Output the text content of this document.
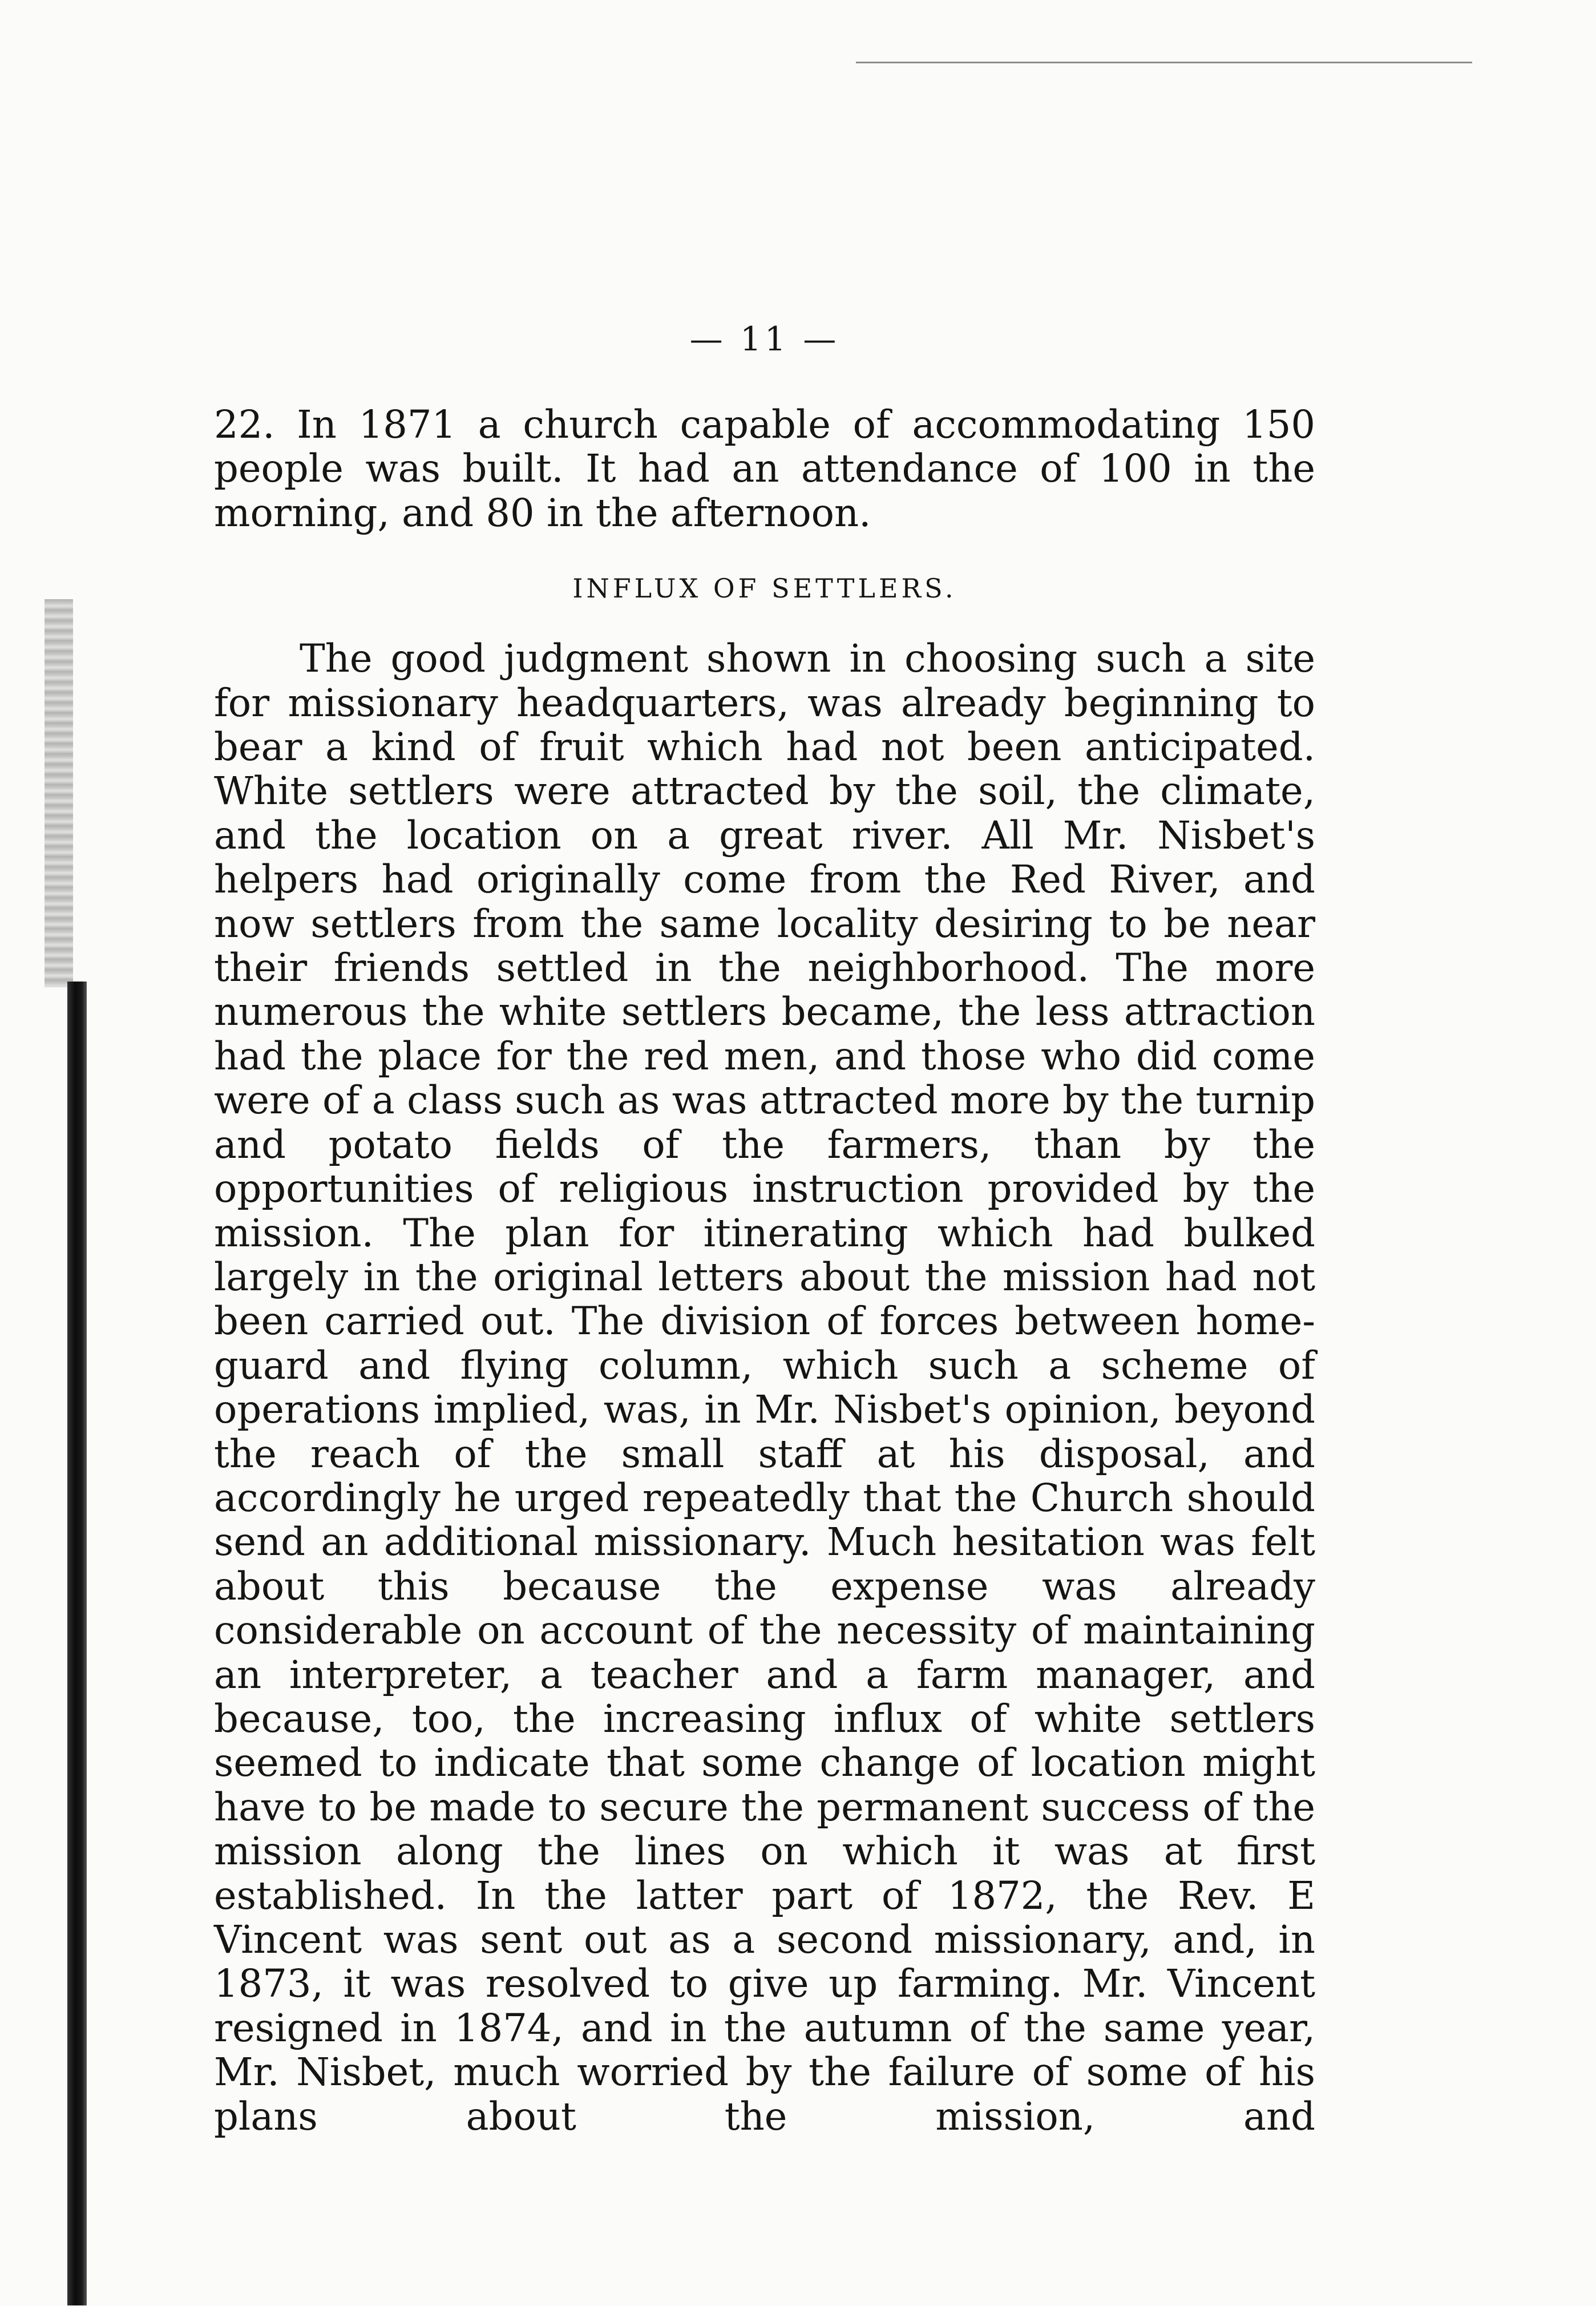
— 11 —

22. In 1871 a church capable of accommodating 150 people was built. It had an attendance of 100 in the
morning, and 80 in the afternoon.

INFLUX OF SETTLERS.

The good judgment shown in choosing such a site for missionary headquarters, was already beginning to bear a kind of fruit which had not been anticipated. White settlers were attracted by the soil, the climate, and the location on a great river. All Mr. Nisbet's helpers had originally come from the Red River, and now settlers from the same locality desiring to be near their friends settled in the neighborhood. The more numerous the white settlers became, the less attraction had the place for the red men, and those who did come were of a class such as was attracted more by the turnip and potato fields of the farmers, than by the opportunities of religious instruction provided by the mission. The plan for itinerating which had bulked largely in the original letters about the mission had not been carried out. The division of forces between home-guard and flying column, which such a scheme of operations implied, was, in Mr. Nisbet's opinion, beyond the reach of the small staff at his disposal, and accordingly he urged repeatedly that the Church should send an additional missionary. Much hesitation was felt about this because the expense was already considerable on account of the necessity of maintaining an interpreter, a teacher and a farm manager, and because, too, the increasing influx of white settlers seemed to indicate that some change of location might have to be made to secure the permanent success of the mission along the lines on which it was at first established. In the latter part of 1872, the Rev. E Vincent was sent out as a second missionary, and, in 1873, it was resolved to give up farming. Mr. Vincent resigned in 1874, and in the autumn of the same year, Mr. Nisbet, much worried by the failure of some of his plans about the mission, and
